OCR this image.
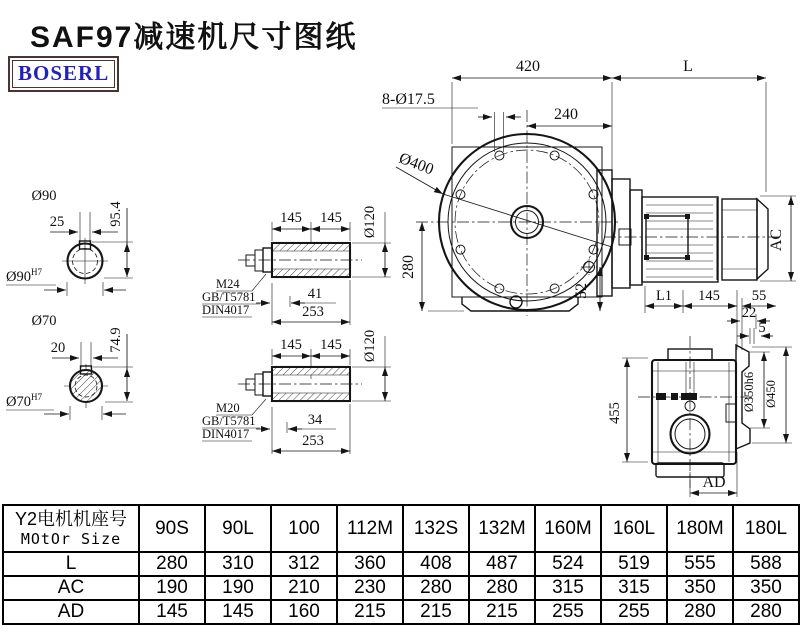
SAF97减速机尺寸图纸
BOSERL	420	L
240
8-Ø17.5
Ø400
280
52
AC
L1 145 55
22
5
455
Ø350h6 Ø450
AD
25
Ø90
95.4
$Ø90^{H7}$
20
Ø70
74.9
$Ø70^{H7}$
145 145 Ø120
M24
GB/T5781
DIN4017
41
253
145 145 Ø120
M20
GB/T5781
DIN4017
34
253
Y2电机机座号
MOtOr Size	90S	90L	100	112M	132S	132M	160M	160L	180M	180L
L	280	310	312	360	408	487	524	519	555	588
AC	190	190	210	230	280	280	315	315	350	350
AD	145	145	160	215	215	215	255	255	280	280
